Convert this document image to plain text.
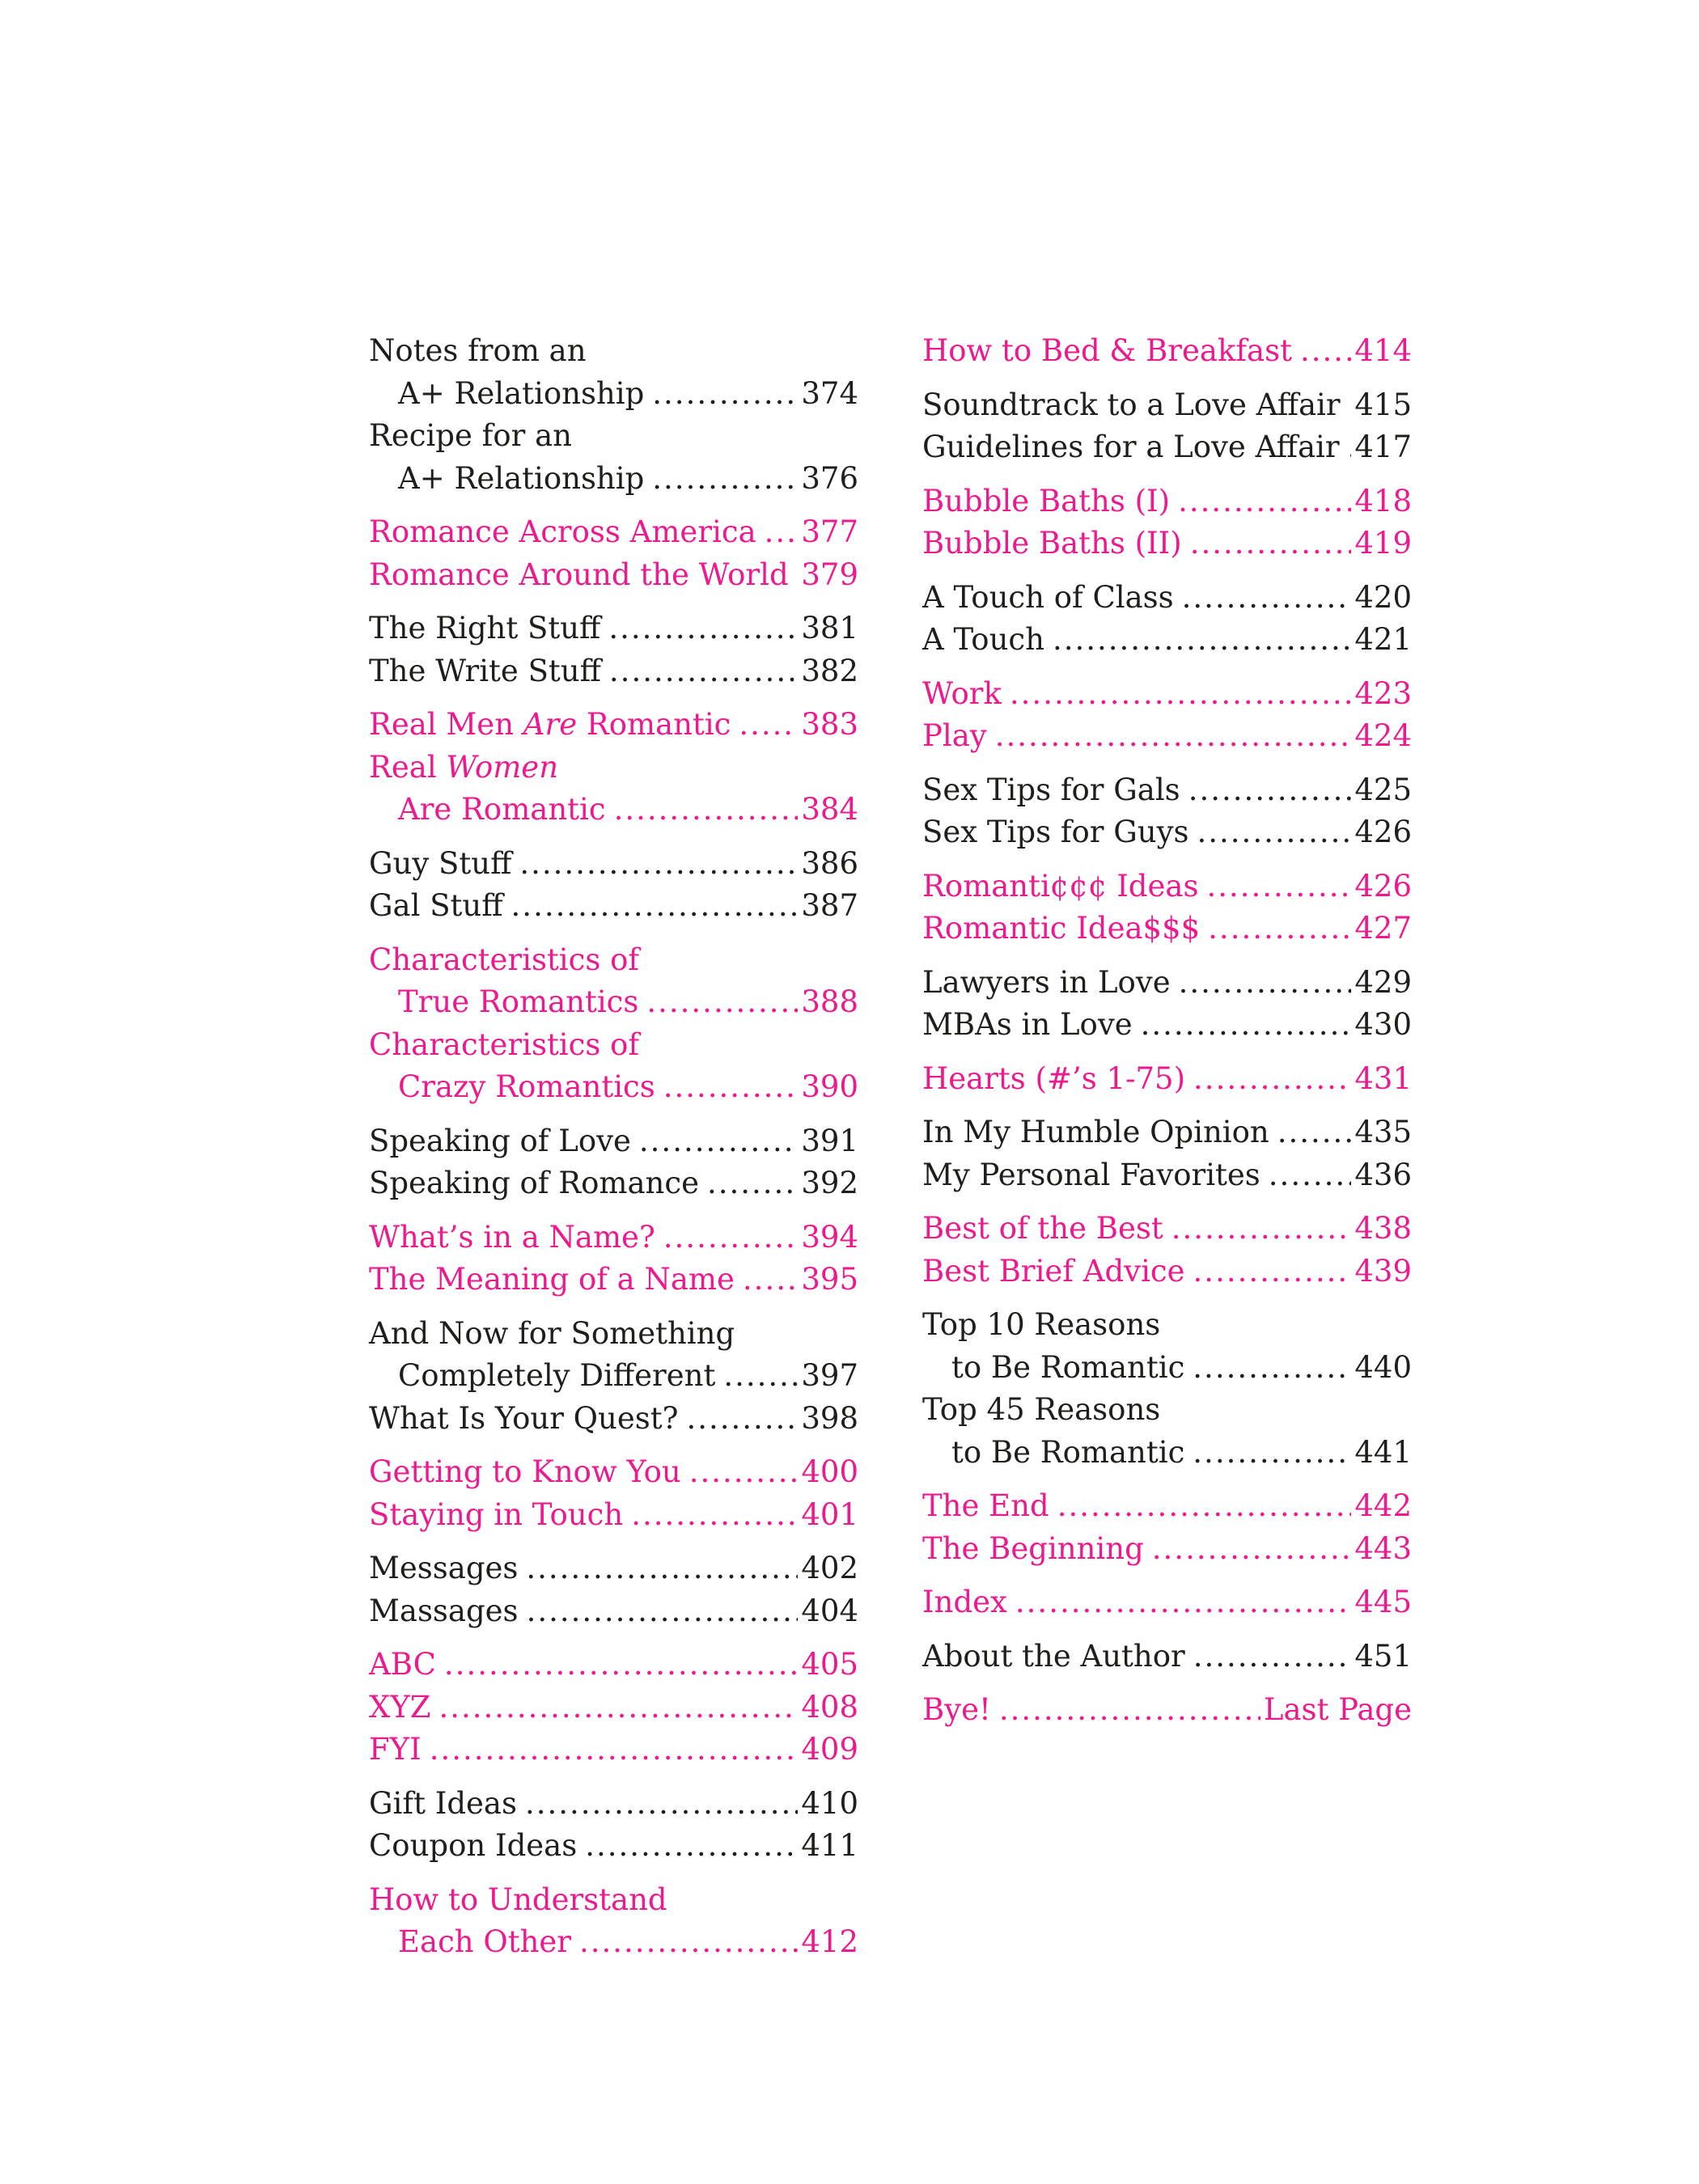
Notes from an
A+ Relationship .....	374
Recipe for an
A+ Relationship .....	376
Romance Across America ..... 377
Romance Around the World ..... 379
The Right Stuff .....	381
The Write Stuff .....	382
Real Men Are Romantic ..... 383
Real Women
Are Romantic .....	384
Guy Stuff .....	386
Gal Stuff .....	387
Characteristics of
True Romantics .....	388
Characteristics of
Crazy Romantics .....	390
Speaking of Love .....	391
Speaking of Romance .....	392
What’s in a Name? .....	394
The Meaning of a Name ..... 395
And Now for Something
Completely Different .....	397
What Is Your Quest? .....	398
Getting to Know You .....	400
Staying in Touch .....	401
Messages .....	402
Massages .....	404
ABC .....	405
XYZ .....	408
FYI .....	409
Gift Ideas .....	410
Coupon Ideas .....	411
How to Understand
Each Other .....	412
How to Bed & Breakfast ..... 414
Soundtrack to a Love Affair ..... 415
Guidelines for a Love Affair ..... 417
Bubble Baths (I) .....	418
Bubble Baths (II) .....	419
A Touch of Class .....	420
A Touch .....	421
Work .....	423
Play .....	424
Sex Tips for Gals .....	425
Sex Tips for Guys .....	426
Romanti¢¢¢ Ideas .....	426
Romantic Idea$$$ .....	427
Lawyers in Love .....	429
MBAs in Love .....	430
Hearts (#’s 1-75) .....	431
In My Humble Opinion .....	435
My Personal Favorites .....	436
Best of the Best .....	438
Best Brief Advice .....	439
Top 10 Reasons
to Be Romantic .....	440
Top 45 Reasons
to Be Romantic .....	441
The End .....	442
The Beginning .....	443
Index .....	445
About the Author .....	451
Bye! .....	Last Page
